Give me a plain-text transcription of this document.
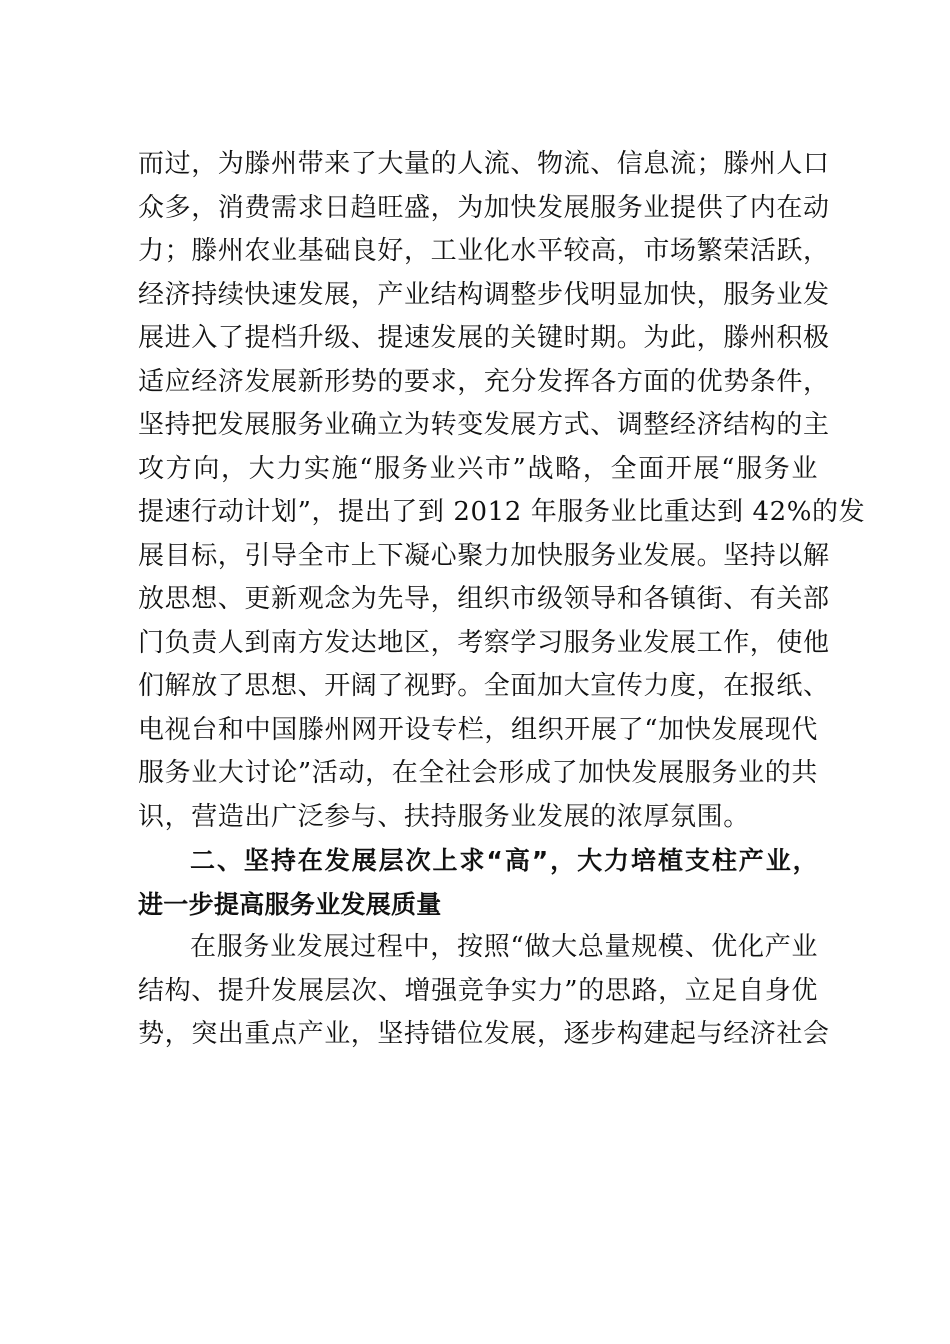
而过，为滕州带来了大量的人流、物流、信息流；滕州人口
众多，消费需求日趋旺盛，为加快发展服务业提供了内在动
力；滕州农业基础良好，工业化水平较高，市场繁荣活跃，
经济持续快速发展，产业结构调整步伐明显加快，服务业发
展进入了提档升级、提速发展的关键时期。为此，滕州积极
适应经济发展新形势的要求，充分发挥各方面的优势条件，
坚持把发展服务业确立为转变发展方式、调整经济结构的主
攻方向，大力实施“服务业兴市”战略，全面开展“服务业
提速行动计划”，提出了到 2012 年服务业比重达到 42%的发
展目标，引导全市上下凝心聚力加快服务业发展。坚持以解
放思想、更新观念为先导，组织市级领导和各镇街、有关部
门负责人到南方发达地区，考察学习服务业发展工作，使他
们解放了思想、开阔了视野。全面加大宣传力度，在报纸、
电视台和中国滕州网开设专栏，组织开展了“加快发展现代
服务业大讨论”活动，在全社会形成了加快发展服务业的共
识，营造出广泛参与、扶持服务业发展的浓厚氛围。
二、坚持在发展层次上求“高”，大力培植支柱产业，
进一步提高服务业发展质量
在服务业发展过程中，按照“做大总量规模、优化产业
结构、提升发展层次、增强竞争实力”的思路，立足自身优
势，突出重点产业，坚持错位发展，逐步构建起与经济社会
